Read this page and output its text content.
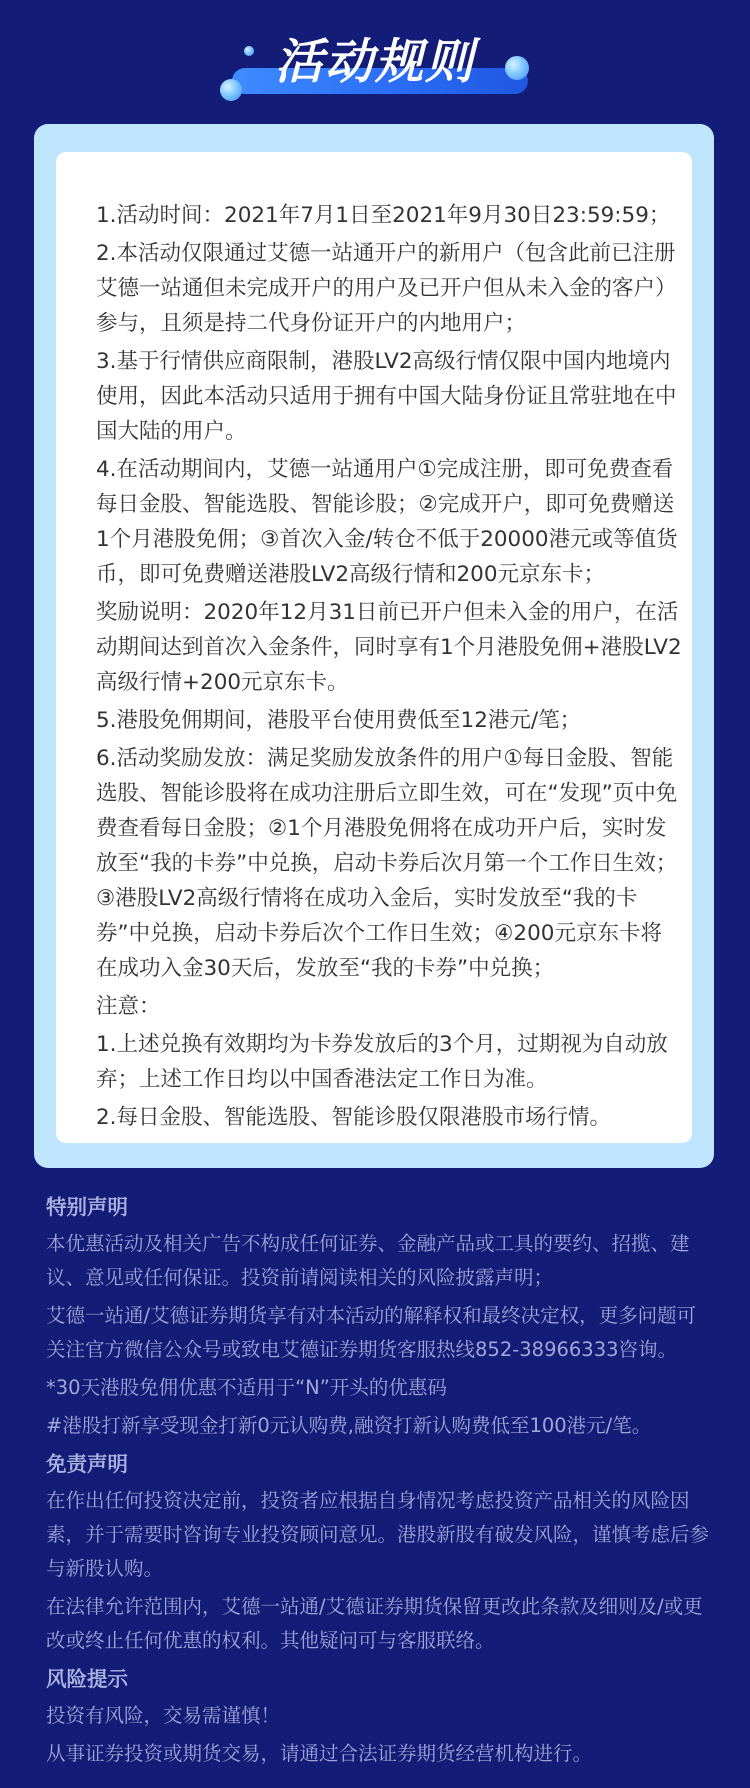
活动规则
1.活动时间：2021年7月1日至2021年9月30日23:59:59；
2.本活动仅限通过艾德一站通开户的新用户（包含此前已注册艾德一站通但未完成开户的用户及已开户但从未入金的客户）参与，且须是持二代身份证开户的内地用户；
3.基于行情供应商限制，港股LV2高级行情仅限中国内地境内使用，因此本活动只适用于拥有中国大陆身份证且常驻地在中国大陆的用户。
4.在活动期间内，艾德一站通用户①完成注册，即可免费查看每日金股、智能选股、智能诊股；②完成开户，即可免费赠送1个月港股免佣；③首次入金/转仓不低于20000港元或等值货币，即可免费赠送港股LV2高级行情和200元京东卡；
奖励说明：2020年12月31日前已开户但未入金的用户，在活动期间达到首次入金条件，同时享有1个月港股免佣+港股LV2高级行情+200元京东卡。
5.港股免佣期间，港股平台使用费低至12港元/笔；
6.活动奖励发放：满足奖励发放条件的用户①每日金股、智能选股、智能诊股将在成功注册后立即生效，可在“发现”页中免费查看每日金股；②1个月港股免佣将在成功开户后，实时发放至“我的卡券”中兑换，启动卡券后次月第一个工作日生效；③港股LV2高级行情将在成功入金后，实时发放至“我的卡券”中兑换，启动卡券后次个工作日生效；④200元京东卡将在成功入金30天后，发放至“我的卡券”中兑换；
注意：
1.上述兑换有效期均为卡券发放后的3个月，过期视为自动放弃；上述工作日均以中国香港法定工作日为准。
2.每日金股、智能选股、智能诊股仅限港股市场行情。
特别声明

本优惠活动及相关广告不构成任何证券、金融产品或工具的要约、招揽、建议、意见或任何保证。投资前请阅读相关的风险披露声明；

艾德一站通/艾德证券期货享有对本活动的解释权和最终决定权，更多问题可关注官方微信公众号或致电艾德证券期货客服热线852-38966333咨询。

*30天港股免佣优惠不适用于“N”开头的优惠码

#港股打新享受现金打新0元认购费,融资打新认购费低至100港元/笔。

免责声明

在作出任何投资决定前，投资者应根据自身情况考虑投资产品相关的风险因素，并于需要时咨询专业投资顾问意见。港股新股有破发风险，谨慎考虑后参与新股认购。

在法律允许范围内，艾德一站通/艾德证券期货保留更改此条款及细则及/或更改或终止任何优惠的权利。其他疑问可与客服联络。

风险提示

投资有风险，交易需谨慎！

从事证券投资或期货交易，请通过合法证券期货经营机构进行。
